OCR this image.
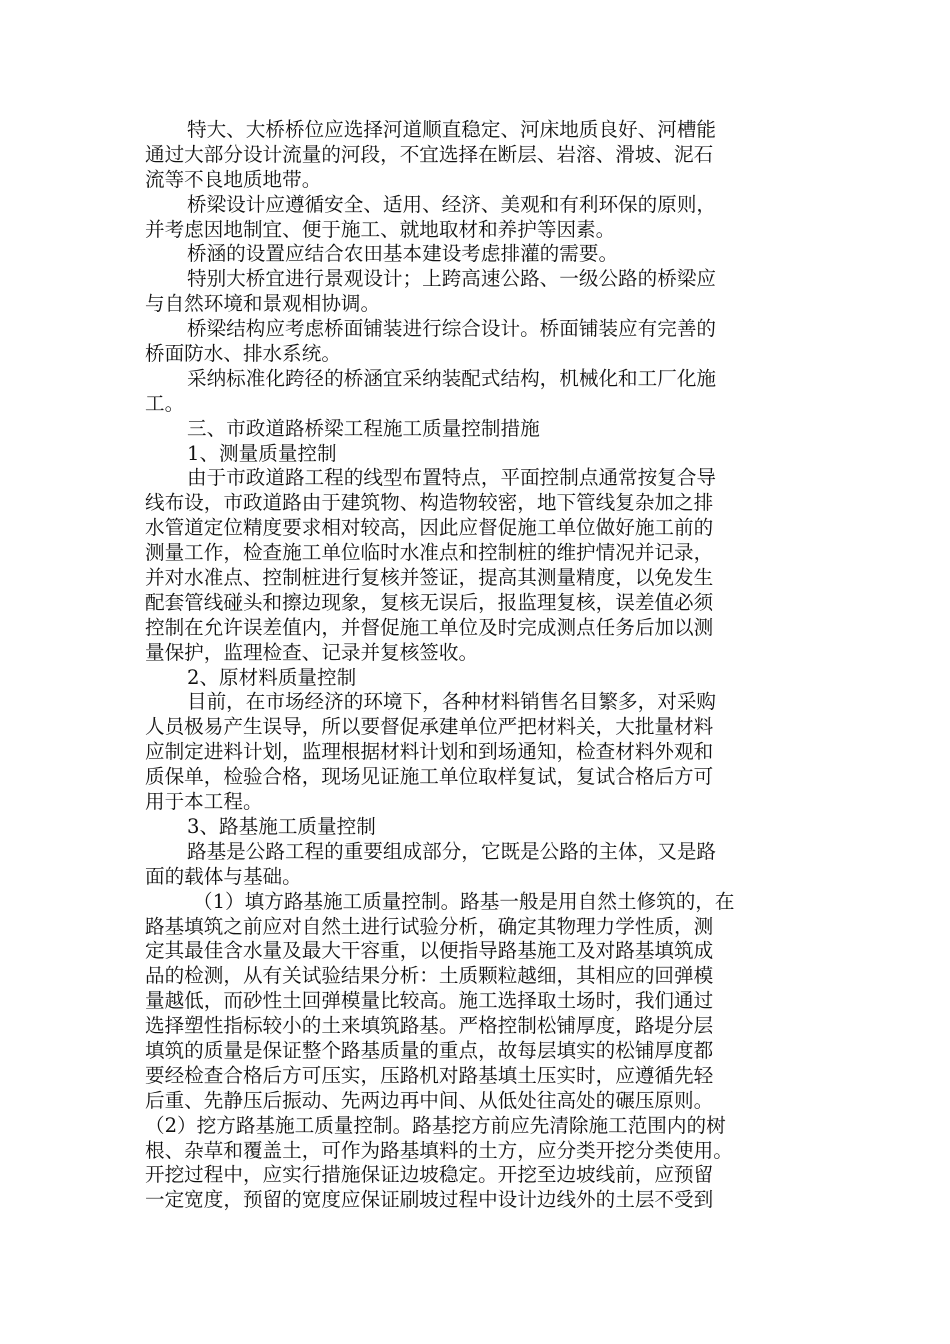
特大、大桥桥位应选择河道顺直稳定、河床地质良好、河槽能
通过大部分设计流量的河段，不宜选择在断层、岩溶、滑坡、泥石
流等不良地质地带。
桥梁设计应遵循安全、适用、经济、美观和有利环保的原则，
并考虑因地制宜、便于施工、就地取材和养护等因素。
桥涵的设置应结合农田基本建设考虑排灌的需要。
特别大桥宜进行景观设计；上跨高速公路、一级公路的桥梁应
与自然环境和景观相协调。
桥梁结构应考虑桥面铺装进行综合设计。桥面铺装应有完善的
桥面防水、排水系统。
采纳标准化跨径的桥涵宜采纳装配式结构，机械化和工厂化施
工。
三、市政道路桥梁工程施工质量控制措施
1、测量质量控制
由于市政道路工程的线型布置特点，平面控制点通常按复合导
线布设，市政道路由于建筑物、构造物较密，地下管线复杂加之排
水管道定位精度要求相对较高，因此应督促施工单位做好施工前的
测量工作，检查施工单位临时水准点和控制桩的维护情况并记录，
并对水准点、控制桩进行复核并签证，提高其测量精度，以免发生
配套管线碰头和擦边现象，复核无误后，报监理复核，误差值必须
控制在允许误差值内，并督促施工单位及时完成测点任务后加以测
量保护，监理检查、记录并复核签收。
2、原材料质量控制
目前，在市场经济的环境下，各种材料销售名目繁多，对采购
人员极易产生误导，所以要督促承建单位严把材料关，大批量材料
应制定进料计划，监理根据材料计划和到场通知，检查材料外观和
质保单，检验合格，现场见证施工单位取样复试，复试合格后方可
用于本工程。
3、路基施工质量控制
路基是公路工程的重要组成部分，它既是公路的主体，又是路
面的载体与基础。
（1）填方路基施工质量控制。路基一般是用自然土修筑的，在
路基填筑之前应对自然土进行试验分析，确定其物理力学性质，测
定其最佳含水量及最大干容重，以便指导路基施工及对路基填筑成
品的检测，从有关试验结果分析：土质颗粒越细，其相应的回弹模
量越低，而砂性土回弹模量比较高。施工选择取土场时，我们通过
选择塑性指标较小的土来填筑路基。严格控制松铺厚度，路堤分层
填筑的质量是保证整个路基质量的重点，故每层填实的松铺厚度都
要经检查合格后方可压实，压路机对路基填土压实时，应遵循先轻
后重、先静压后振动、先两边再中间、从低处往高处的碾压原则。
（2）挖方路基施工质量控制。路基挖方前应先清除施工范围内的树
根、杂草和覆盖土，可作为路基填料的土方，应分类开挖分类使用。
开挖过程中，应实行措施保证边坡稳定。开挖至边坡线前，应预留
一定宽度，预留的宽度应保证刷坡过程中设计边线外的土层不受到
